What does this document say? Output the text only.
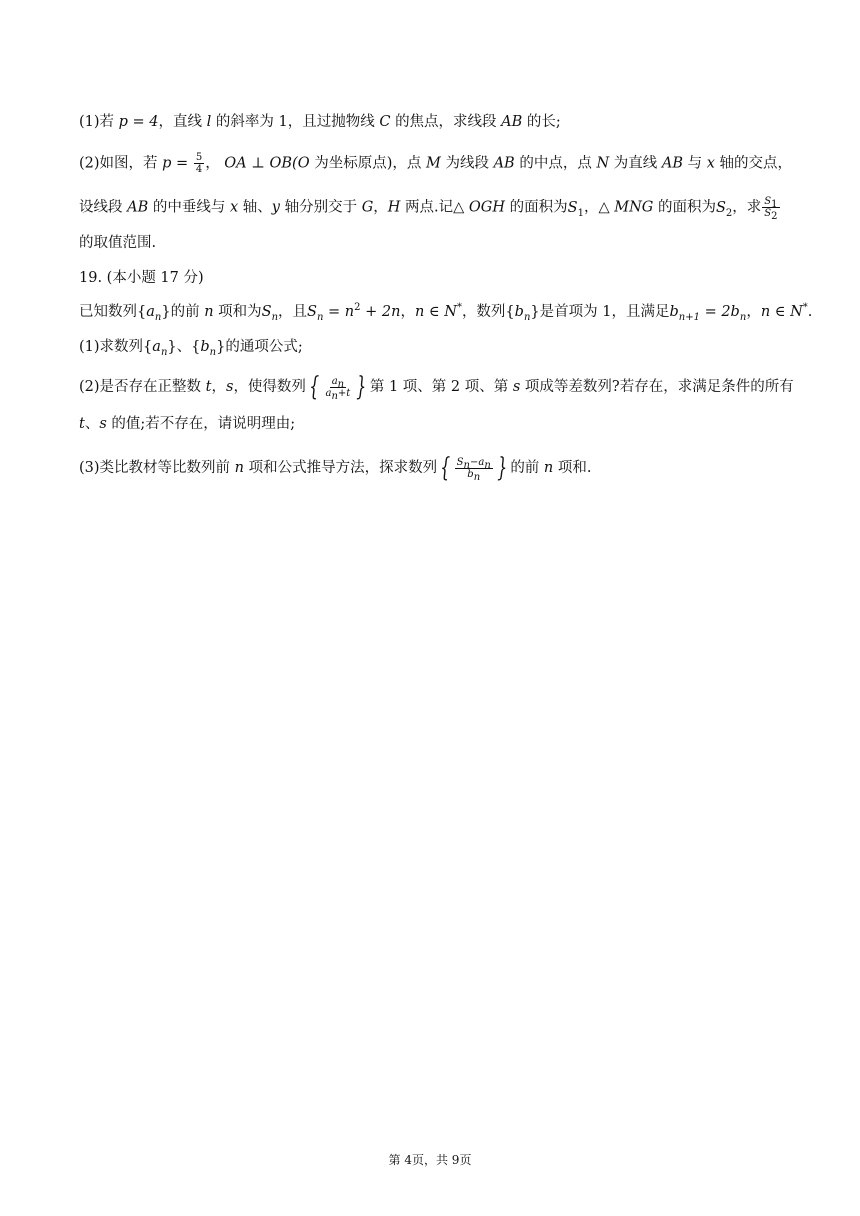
(1)若 p = 4，直线 l 的斜率为 1，且过抛物线 C 的焦点，求线段 AB 的长;
(2)如图，若 $p = \frac{5}{4}$ ， OA ⊥ OB(O 为坐标原点)，点 M 为线段 AB 的中点，点 N 为直线 AB 与 x 轴的交点，
设线段 AB 的中垂线与 x 轴、y 轴分别交于 G，H 两点.记△ OGH 的面积为$S_1$，△ MNG 的面积为$S_2$，求 $\frac{S_1}{S_2}$
的取值范围.
19. (本小题 17 分)
已知数列$\{a_n\}$的前 n 项和为$S_n$，且$S_n = n^2 + 2n$，n ∈ N*，数列$\{b_n\}$是首项为 1，且满足$b_{n+1} = 2b_n$，n ∈ N*.
(1)求数列$\{a_n\}$、$\{b_n\}$的通项公式;
(2)是否存在正整数 t，s，使得数列 { $\frac{a_n}{a_n+t}$ } 第 1 项、第 2 项、第 s 项成等差数列?若存在，求满足条件的所有
t、s 的值;若不存在，请说明理由;
(3)类比教材等比数列前 n 项和公式推导方法，探求数列 { $\frac{S_n-a_n}{b_n}$ } 的前 n 项和.
第 4页，共 9页
